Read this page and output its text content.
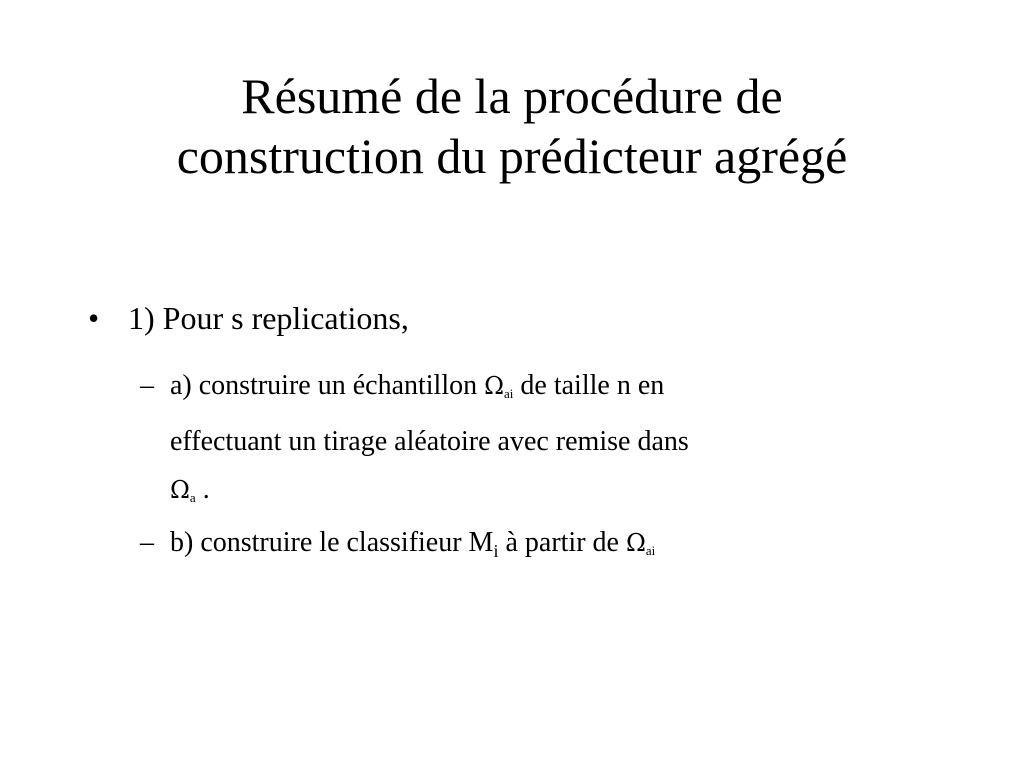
Résumé de la procédure de
construction du prédicteur agrégé
• 1) Pour s replications,
– a) construire un échantillon $\Omega_{ai}$ de taille n en
effectuant un tirage aléatoire avec remise dans
$\Omega_a$ .
– b) construire le classifieur $M_i$ à partir de $\Omega_{ai}$
